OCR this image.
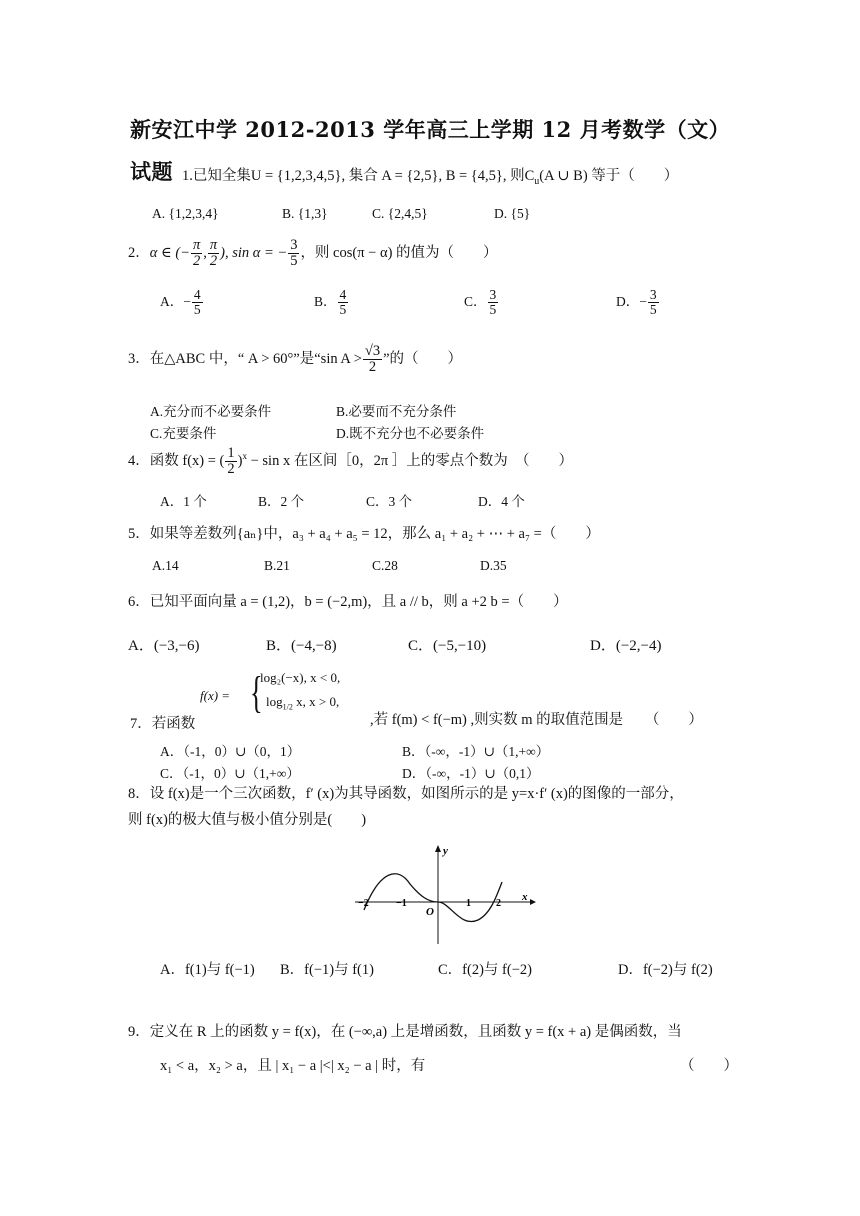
新安江中学 2012-2013 学年高三上学期 12 月考数学（文）
试题 1.已知全集U = {1,2,3,4,5}, 集合 A = {2,5}, B = {4,5}, 则$C_u(A$ ∪ B) 等于（　　）
A. {1,2,3,4}	B. {1,3}	C. {2,4,5}	D. {5}
2．α ∈ (− $\frac{\pi}{2}$ , $\frac{\pi}{2}$ ), sin α = − $\frac{3}{5}$ ，则 cos(π − α) 的值为（　　）
A．− $\frac{4}{5}$	B． $\frac{4}{5}$	C． $\frac{3}{5}$	D．− $\frac{3}{5}$
3．在△ABC 中，“ A > 60°”是“sin $A > \frac{√3}{2}$ ”的（　　）
A.充分而不必要条件	B.必要而不充分条件
C.充要条件	D.既不充分也不必要条件
4．函数 f(x) = ( $\frac{1}{2} )^x - \sin x$ 在区间［0，2π ］上的零点个数为　（　　）
A．1 个	B．2 个	C．3 个	D．4 个
5．如果等差数列{aₙ}中，a₃ + a₄ + a₅ = 12，那么 a₁ + a₂ + ⋯ + a₇ =（　　）
A.14	B.21	C.28	D.35
6．已知平面向量 a = (1,2)，b = (−2,m)，且 a // b，则 a +2 b =（　　）
A．(−3,−6)	B．(−4,−8)	C．(−5,−10)	D．(−2,−4)
f(x) = {
log₂(−x), x < 0,
$\log_{1/2} x$, x > 0,
7．若函数	,若 f(m) < f(−m) ,则实数 m 的取值范围是　　（　　）
A．（-1，0）∪（0，1）	B．（-∞，-1）∪（1,+∞）
C．（-1，0）∪（1,+∞）	D．（-∞，-1）∪（0,1）
8．设 f(x)是一个三次函数，f′ (x)为其导函数，如图所示的是 y=x·f′ (x)的图像的一部分，
则 f(x)的极大值与极小值分别是(　　)
y
x
O
−2	−1	1	2
A．f(1)与 f(−1) B．f(−1)与 f(1)	C．f(2)与 f(−2)	D．f(−2)与 f(2)
9．定义在 R 上的函数 y = f(x)，在 (−∞,a) 上是增函数，且函数 y = f(x + a) 是偶函数，当
x₁ < a，x₂ > a，且 | x₁ − a |<| x₂ − a | 时，有	（　　）
